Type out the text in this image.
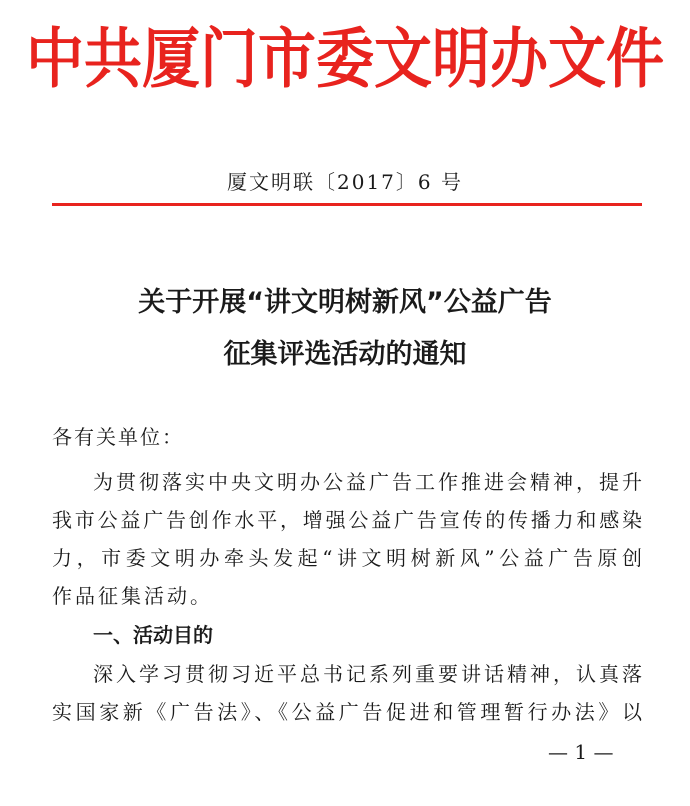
中共厦门市委文明办文件
厦文明联〔2017〕6 号
关于开展“讲文明树新风”公益广告
征集评选活动的通知
各有关单位：
为贯彻落实中央文明办公益广告工作推进会精神，提升
我市公益广告创作水平，增强公益广告宣传的传播力和感染
力，市委文明办牵头发起“讲文明树新风”公益广告原创
作品征集活动。
一、活动目的
深入学习贯彻习近平总书记系列重要讲话精神，认真落
实国家新《广告法》、《公益广告促进和管理暂行办法》以
— 1 —
